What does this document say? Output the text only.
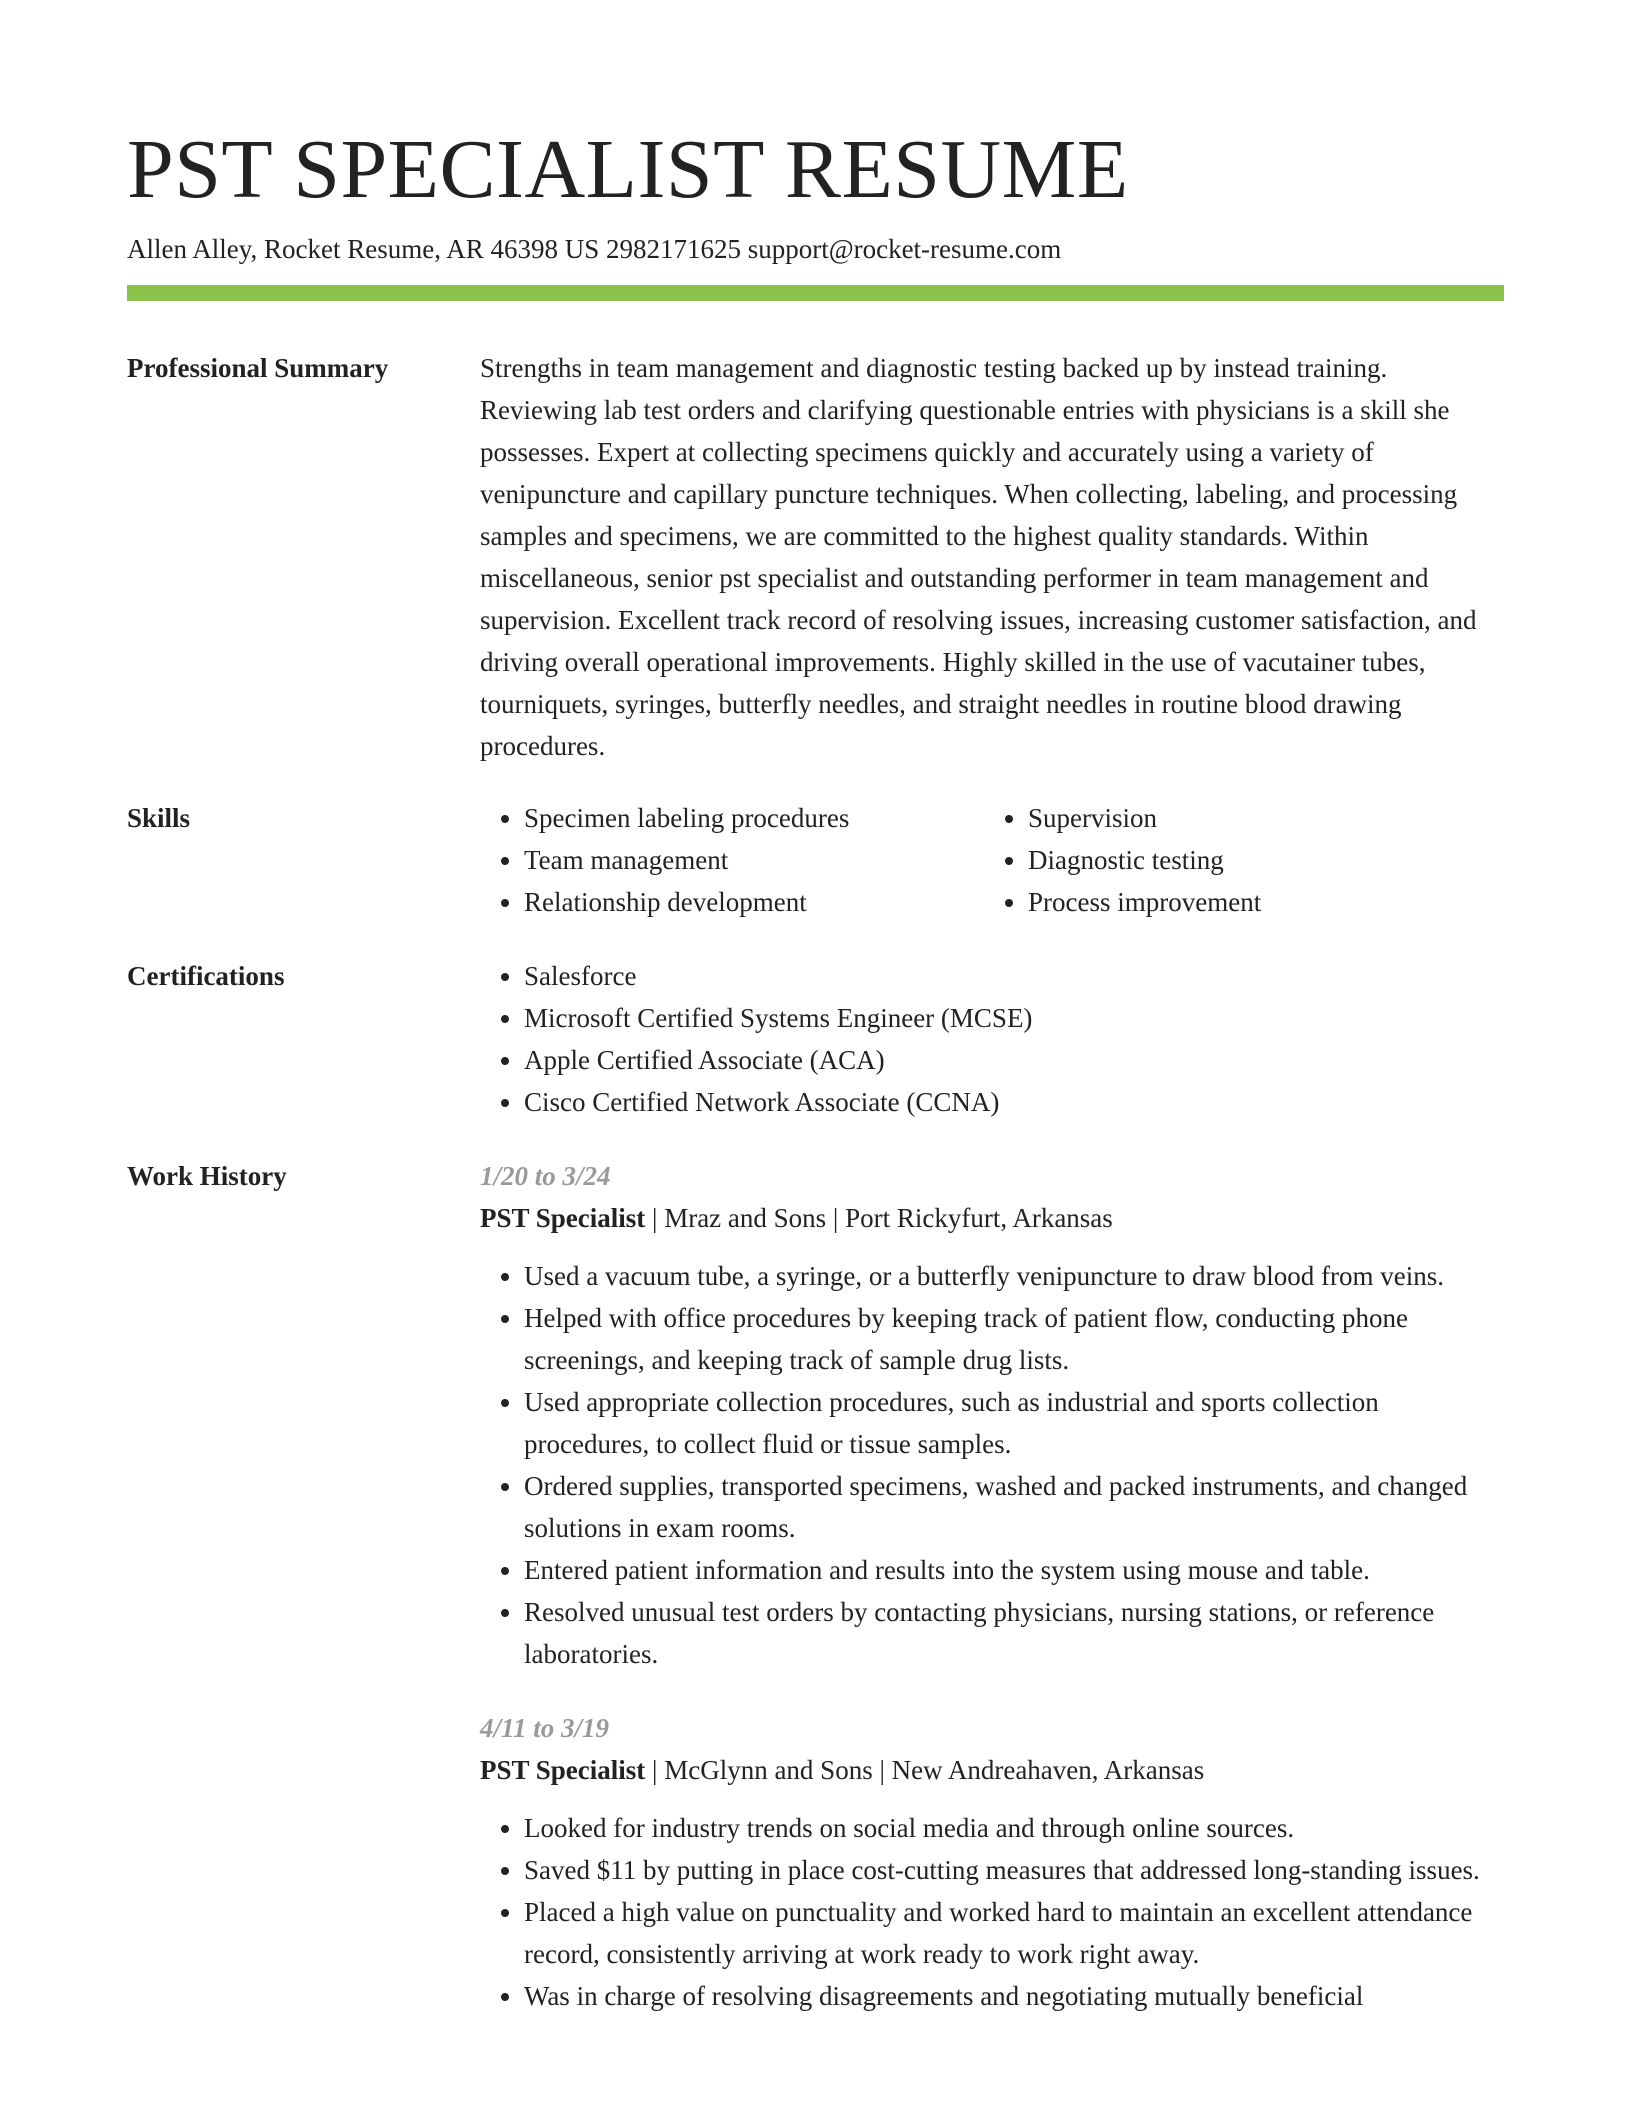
PST SPECIALIST RESUME
Allen Alley, Rocket Resume, AR 46398 US 2982171625 support@rocket-resume.com
Professional Summary	Strengths in team management and diagnostic testing backed up by instead training. Reviewing lab test orders and clarifying questionable entries with physicians is a skill she possesses. Expert at collecting specimens quickly and accurately using a variety of venipuncture and capillary puncture techniques. When collecting, labeling, and processing samples and specimens, we are committed to the highest quality standards. Within miscellaneous, senior pst specialist and outstanding performer in team management and supervision. Excellent track record of resolving issues, increasing customer satisfaction, and driving overall operational improvements. Highly skilled in the use of vacutainer tubes, tourniquets, syringes, butterfly needles, and straight needles in routine blood drawing procedures.

Skills	• Specimen labeling procedures
• Team management
• Relationship development
• Supervision
• Diagnostic testing
• Process improvement
Certifications	• Salesforce
• Microsoft Certified Systems Engineer (MCSE)
• Apple Certified Associate (ACA)
• Cisco Certified Network Associate (CCNA)
Work History	1/20 to 3/24
PST Specialist | Mraz and Sons | Port Rickyfurt, Arkansas
• Used a vacuum tube, a syringe, or a butterfly venipuncture to draw blood from veins.
• Helped with office procedures by keeping track of patient flow, conducting phone screenings, and keeping track of sample drug lists.
• Used appropriate collection procedures, such as industrial and sports collection procedures, to collect fluid or tissue samples.
• Ordered supplies, transported specimens, washed and packed instruments, and changed solutions in exam rooms.
• Entered patient information and results into the system using mouse and table.
• Resolved unusual test orders by contacting physicians, nursing stations, or reference laboratories.
4/11 to 3/19
PST Specialist | McGlynn and Sons | New Andreahaven, Arkansas
• Looked for industry trends on social media and through online sources.
• Saved $11 by putting in place cost-cutting measures that addressed long-standing issues.
• Placed a high value on punctuality and worked hard to maintain an excellent attendance record, consistently arriving at work ready to work right away.
• Was in charge of resolving disagreements and negotiating mutually beneficial
